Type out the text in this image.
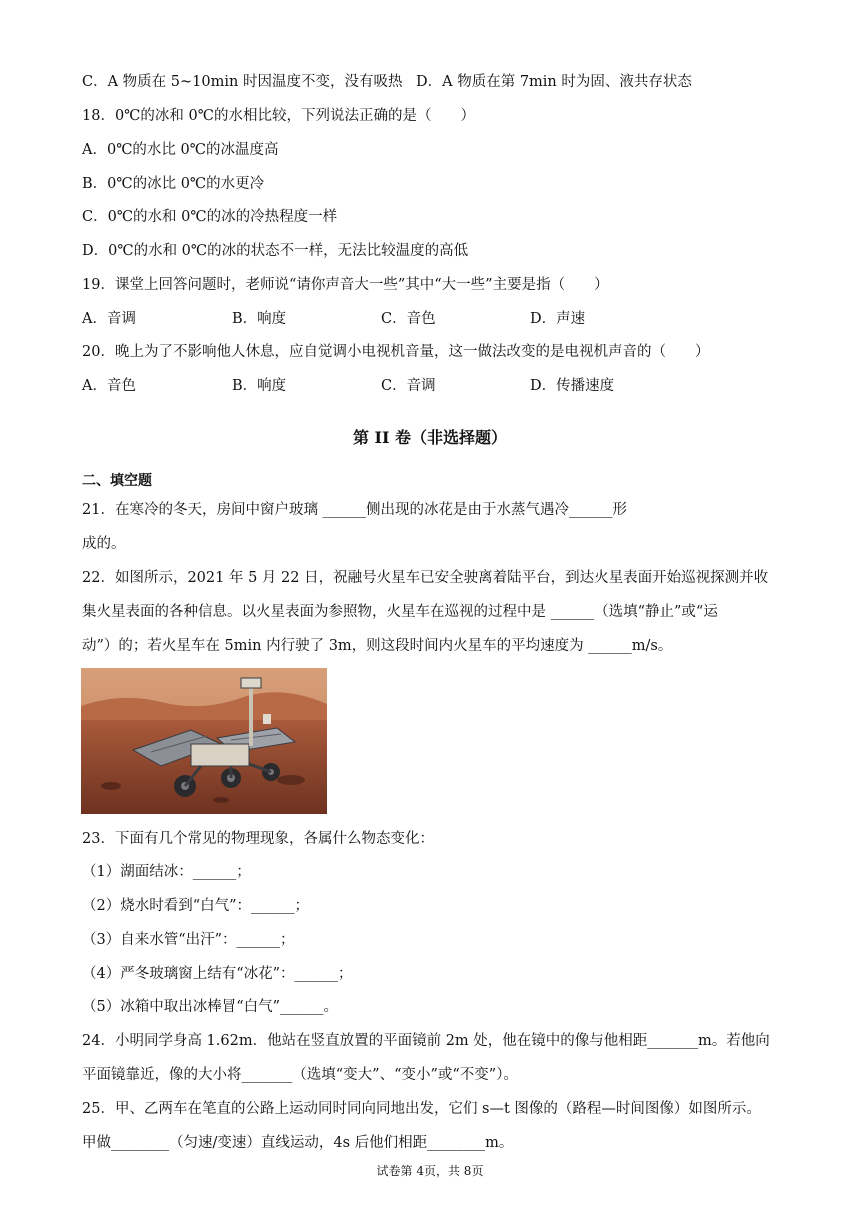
C．A 物质在 5~10min 时因温度不变，没有吸热 D．A 物质在第 7min 时为固、液共存状态
18．0℃的冰和 0℃的水相比较，下列说法正确的是（　　）
A．0℃的水比 0℃的冰温度高
B．0℃的冰比 0℃的水更冷
C．0℃的水和 0℃的冰的冷热程度一样
D．0℃的水和 0℃的冰的状态不一样，无法比较温度的高低
19．课堂上回答问题时，老师说“请你声音大一些”其中“大一些”主要是指（　　）
A．音调	B．响度	C．音色	D．声速
20．晚上为了不影响他人休息，应自觉调小电视机音量，这一做法改变的是电视机声音的（　　）
A．音色	B．响度	C．音调	D．传播速度
第 II 卷（非选择题）
二、填空题
21．在寒冷的冬天，房间中窗户玻璃 ______侧出现的冰花是由于水蒸气遇冷______形
成的。
22．如图所示，2021 年 5 月 22 日，祝融号火星车已安全驶离着陆平台，到达火星表面开始巡视探测并收
集火星表面的各种信息。以火星表面为参照物，火星车在巡视的过程中是 ______（选填“静止”或“运
动”）的；若火星车在 5min 内行驶了 3m，则这段时间内火星车的平均速度为 ______m/s。
23．下面有几个常见的物理现象，各属什么物态变化：
（1）湖面结冰：______；
（2）烧水时看到“白气”：______；
（3）自来水管“出汗”：______；
（4）严冬玻璃窗上结有“冰花”：______；
（5）冰箱中取出冰棒冒“白气”______。
24．小明同学身高 1.62m．他站在竖直放置的平面镜前 2m 处，他在镜中的像与他相距_______m。若他向
平面镜靠近，像的大小将_______（选填“变大”、“变小”或“不变”）。
25．甲、乙两车在笔直的公路上运动同时同向同地出发，它们 s—t 图像的（路程—时间图像）如图所示。
甲做________（匀速/变速）直线运动，4s 后他们相距________m。
试卷第 4页，共 8页
